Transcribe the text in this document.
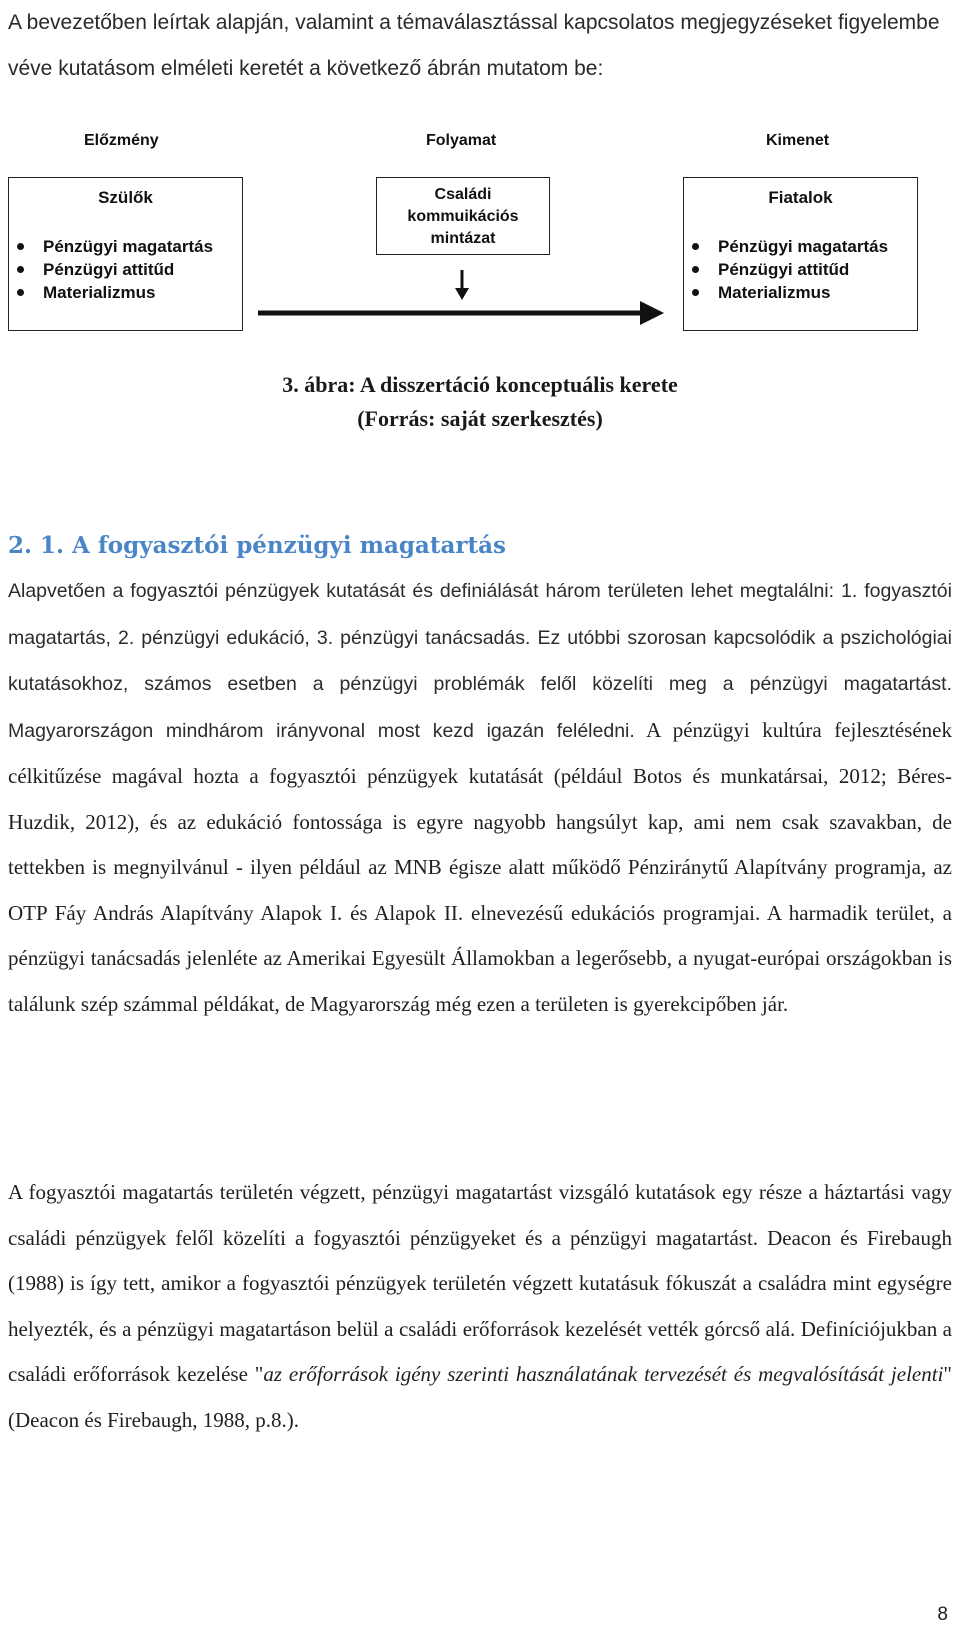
A bevezetőben leírtak alapján, valamint a témaválasztással kapcsolatos megjegyzéseket figyelembe véve kutatásom elméleti keretét a következő ábrán mutatom be:

Előzmény	Folyamat	Kimenet
Szülők
Pénzügyi magatartás
Pénzügyi attitűd
Materializmus
Családi
kommuikációs
mintázat
Fiatalok
Pénzügyi magatartás
Pénzügyi attitűd
Materializmus
3. ábra: A disszertáció konceptuális kerete
(Forrás: saját szerkesztés)
2. 1. A fogyasztói pénzügyi magatartás

Alapvetően a fogyasztói pénzügyek kutatását és definiálását három területen lehet megtalálni: 1. fogyasztói magatartás, 2. pénzügyi edukáció, 3. pénzügyi tanácsadás. Ez utóbbi szorosan kapcsolódik a pszichológiai kutatásokhoz, számos esetben a pénzügyi problémák felől közelíti meg a pénzügyi magatartást. Magyarországon mindhárom irányvonal most kezd igazán feléledni. A pénzügyi kultúra fejlesztésének célkitűzése magával hozta a fogyasztói pénzügyek kutatását (például Botos és munkatársai, 2012; Béres-Huzdik, 2012), és az edukáció fontossága is egyre nagyobb hangsúlyt kap, ami nem csak szavakban, de tettekben is megnyilvánul - ilyen például az MNB égisze alatt működő Pénziránytű Alapítvány programja, az OTP Fáy András Alapítvány Alapok I. és Alapok II. elnevezésű edukációs programjai. A harmadik terület, a pénzügyi tanácsadás jelenléte az Amerikai Egyesült Államokban a legerősebb, a nyugat-európai országokban is találunk szép számmal példákat, de Magyarország még ezen a területen is gyerekcipőben jár.

A fogyasztói magatartás területén végzett, pénzügyi magatartást vizsgáló kutatások egy része a háztartási vagy családi pénzügyek felől közelíti a fogyasztói pénzügyeket és a pénzügyi magatartást. Deacon és Firebaugh (1988) is így tett, amikor a fogyasztói pénzügyek területén végzett kutatásuk fókuszát a családra mint egységre helyezték, és a pénzügyi magatartáson belül a családi erőforrások kezelését vették górcső alá. Definíciójukban a családi erőforrások kezelése "az erőforrások igény szerinti használatának tervezését és megvalósítását jelenti" (Deacon és Firebaugh, 1988, p.8.).

8
